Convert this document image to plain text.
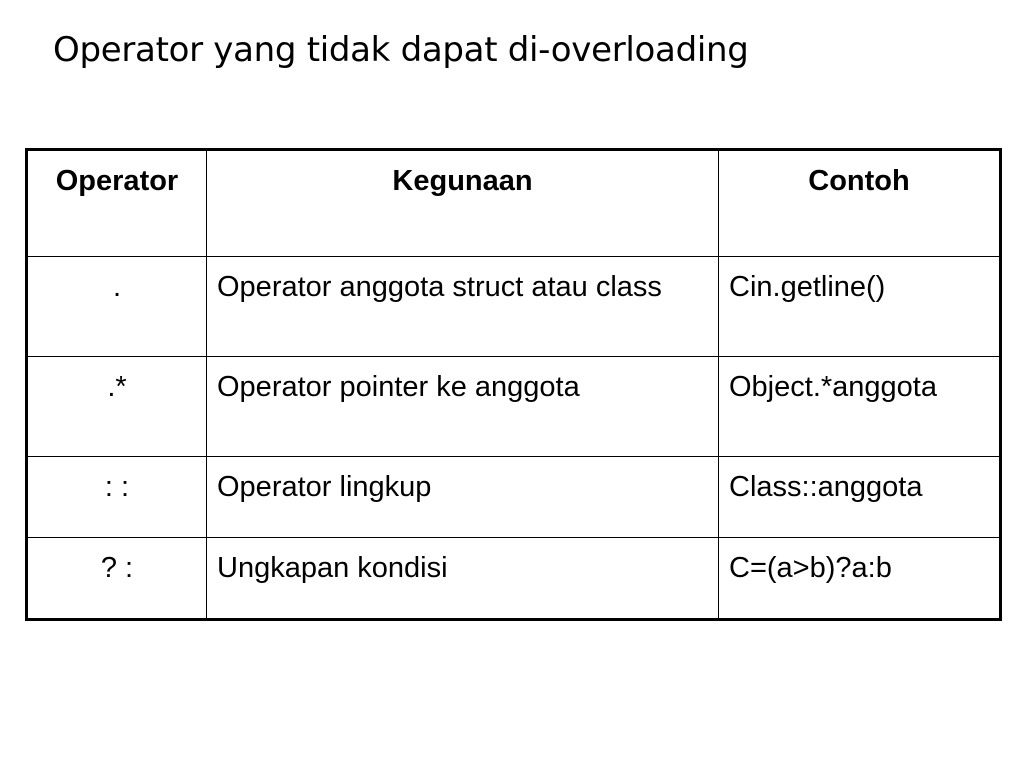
Operator yang tidak dapat di-overloading
Operator	Kegunaan	Contoh
.	Operator anggota struct atau class	Cin.getline()
.*	Operator pointer ke anggota	Object.*anggota
: :	Operator lingkup	Class::anggota
? :	Ungkapan kondisi	C=(a>b)?a:b
